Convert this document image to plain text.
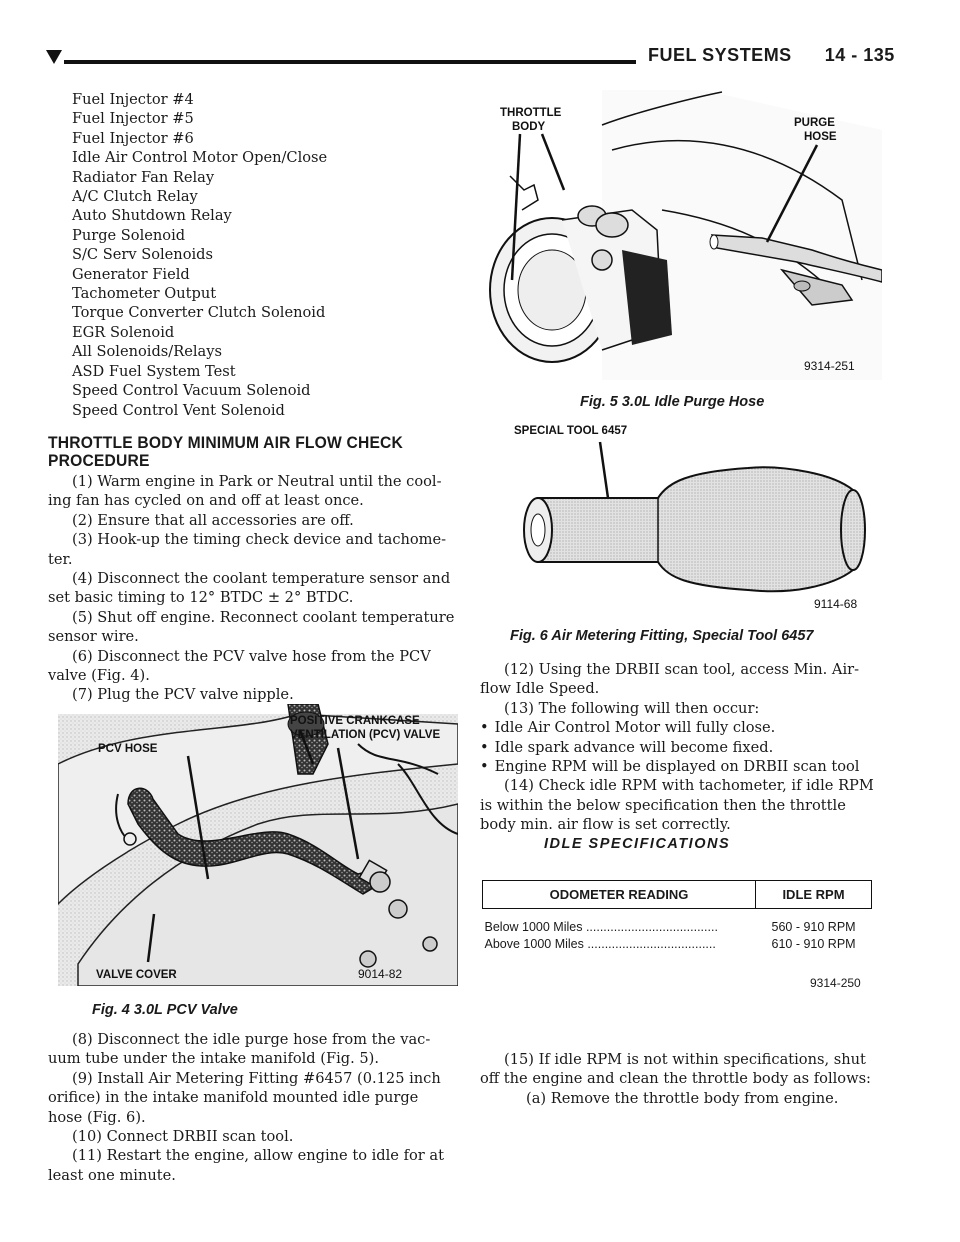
FUEL SYSTEMS 14 - 135
Fuel Injector #4
Fuel Injector #5
Fuel Injector #6
Idle Air Control Motor Open/Close
Radiator Fan Relay
A/C Clutch Relay
Auto Shutdown Relay
Purge Solenoid
S/C Serv Solenoids
Generator Field
Tachometer Output
Torque Converter Clutch Solenoid
EGR Solenoid
All Solenoids/Relays
ASD Fuel System Test
Speed Control Vacuum Solenoid
Speed Control Vent Solenoid
THROTTLE BODY MINIMUM AIR FLOW CHECK
PROCEDURE
(1) Warm engine in Park or Neutral until the cool-
ing fan has cycled on and off at least once.
(2) Ensure that all accessories are off.
(3) Hook-up the timing check device and tachome-
ter.
(4) Disconnect the coolant temperature sensor and
set basic timing to 12° BTDC ± 2° BTDC.
(5) Shut off engine. Reconnect coolant temperature
sensor wire.
(6) Disconnect the PCV valve hose from the PCV
valve (Fig. 4).
(7) Plug the PCV valve nipple.
PCV HOSE
POSITIVE CRANKCASE
VENTILATION (PCV) VALVE
VALVE COVER	9014-82
Fig. 4 3.0L PCV Valve
(8) Disconnect the idle purge hose from the vac-
uum tube under the intake manifold (Fig. 5).
(9) Install Air Metering Fitting #6457 (0.125 inch
orifice) in the intake manifold mounted idle purge
hose (Fig. 6).
(10) Connect DRBII scan tool.
(11) Restart the engine, allow engine to idle for at
least one minute.
THROTTLE
BODY	PURGE
HOSE
9314-251
Fig. 5 3.0L Idle Purge Hose
SPECIAL TOOL 6457
9114-68
Fig. 6 Air Metering Fitting, Special Tool 6457
(12) Using the DRBII scan tool, access Min. Air-
flow Idle Speed.
(13) The following will then occur:
• Idle Air Control Motor will fully close.
• Idle spark advance will become fixed.
• Engine RPM will be displayed on DRBII scan tool
(14) Check idle RPM with tachometer, if idle RPM
is within the below specification then the throttle
body min. air flow is set correctly.
IDLE SPECIFICATIONS
ODOMETER READING	IDLE RPM

Below 1000 Miles ......................................	560 - 910 RPM
Above 1000 Miles .....................................	610 - 910 RPM
9314-250
(15) If idle RPM is not within specifications, shut
off the engine and clean the throttle body as follows:
(a) Remove the throttle body from engine.
